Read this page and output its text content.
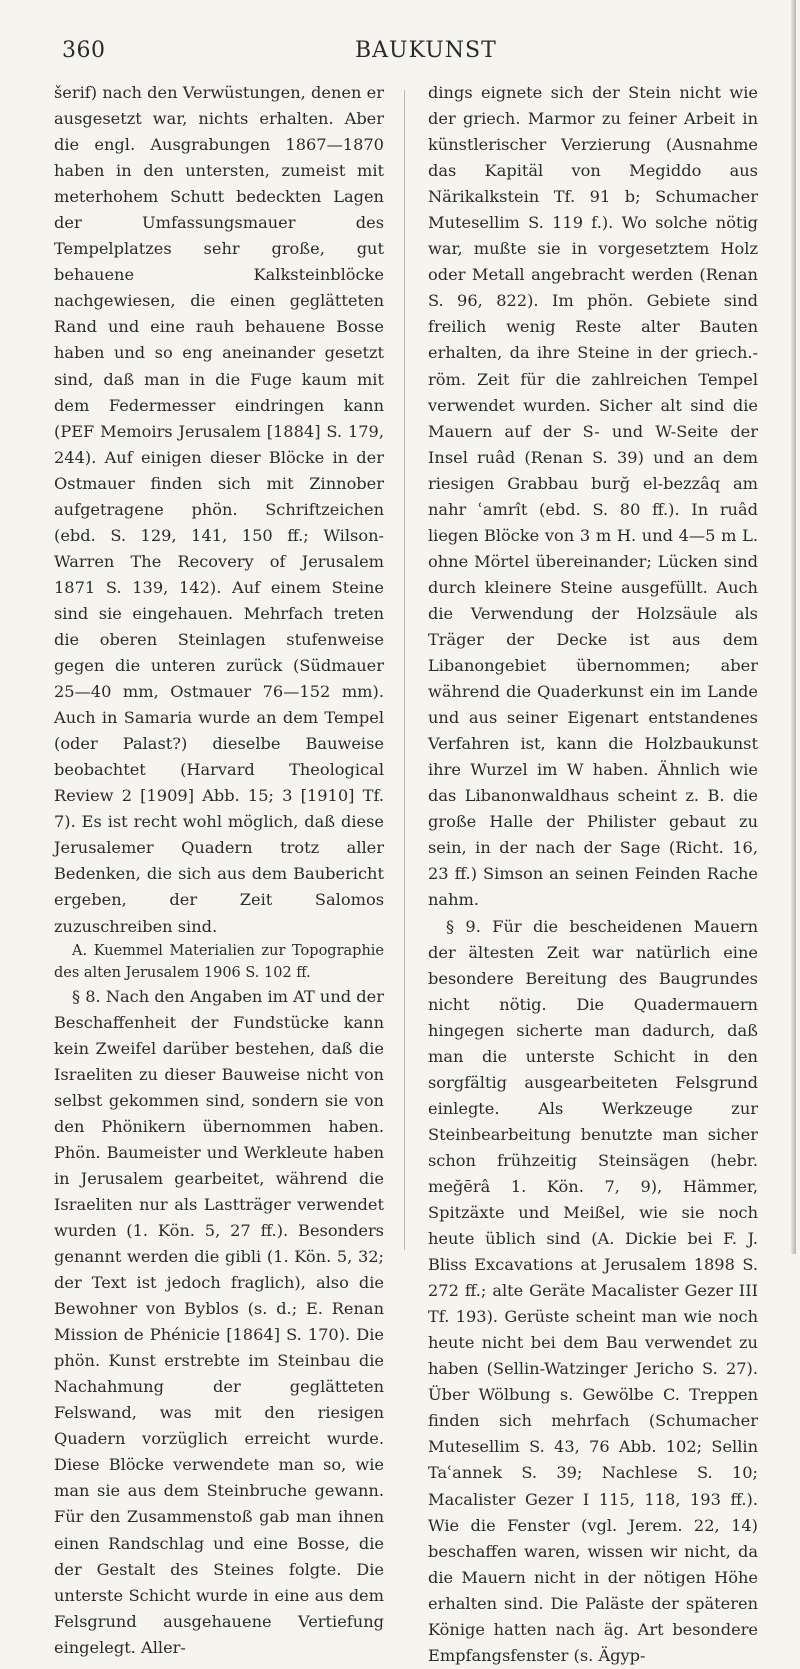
360	BAUKUNST

šerif) nach den Verwüstungen, denen er ausgesetzt war, nichts erhalten. Aber die engl. Ausgrabungen 1867—1870 haben in den untersten, zumeist mit meterhohem Schutt bedeckten Lagen der Umfassungsmauer des Tempelplatzes sehr große, gut behauene Kalksteinblöcke nachgewiesen, die einen geglätteten Rand und eine rauh behauene Bosse haben und so eng aneinander gesetzt sind, daß man in die Fuge kaum mit dem Federmesser eindringen kann (PEF Memoirs Jerusalem [1884] S. 179, 244). Auf einigen dieser Blöcke in der Ostmauer finden sich mit Zinnober aufgetragene phön. Schriftzeichen (ebd. S. 129, 141, 150 ff.; Wilson-Warren The Recovery of Jerusalem 1871 S. 139, 142). Auf einem Steine sind sie eingehauen. Mehrfach treten die oberen Steinlagen stufenweise gegen die unteren zurück (Südmauer 25—40 mm, Ostmauer 76—152 mm). Auch in Samaria wurde an dem Tempel (oder Palast?) dieselbe Bauweise beobachtet (Harvard Theological Review 2 [1909] Abb. 15; 3 [1910] Tf. 7). Es ist recht wohl möglich, daß diese Jerusalemer Quadern trotz aller Bedenken, die sich aus dem Baubericht ergeben, der Zeit Salomos zuzuschreiben sind.

A. Kuemmel Materialien zur Topographie des alten Jerusalem 1906 S. 102 ff.

§ 8. Nach den Angaben im AT und der Beschaffenheit der Fundstücke kann kein Zweifel darüber bestehen, daß die Israeliten zu dieser Bauweise nicht von selbst gekommen sind, sondern sie von den Phönikern übernommen haben. Phön. Baumeister und Werkleute haben in Jerusalem gearbeitet, während die Israeliten nur als Lastträger verwendet wurden (1. Kön. 5, 27 ff.). Besonders genannt werden die gibli (1. Kön. 5, 32; der Text ist jedoch fraglich), also die Bewohner von Byblos (s. d.; E. Renan Mission de Phénicie [1864] S. 170). Die phön. Kunst erstrebte im Steinbau die Nachahmung der geglätteten Felswand, was mit den riesigen Quadern vorzüglich erreicht wurde. Diese Blöcke verwendete man so, wie man sie aus dem Steinbruche gewann. Für den Zusammenstoß gab man ihnen einen Randschlag und eine Bosse, die der Gestalt des Steines folgte. Die unterste Schicht wurde in eine aus dem Felsgrund ausgehauene Vertiefung eingelegt. Aller-

dings eignete sich der Stein nicht wie der griech. Marmor zu feiner Arbeit in künstlerischer Verzierung (Ausnahme das Kapitäl von Megiddo aus Närikalkstein Tf. 91 b; Schumacher Mutesellim S. 119 f.). Wo solche nötig war, mußte sie in vorgesetztem Holz oder Metall angebracht werden (Renan S. 96, 822). Im phön. Gebiete sind freilich wenig Reste alter Bauten erhalten, da ihre Steine in der griech.-röm. Zeit für die zahlreichen Tempel verwendet wurden. Sicher alt sind die Mauern auf der S- und W-Seite der Insel ruâd (Renan S. 39) und an dem riesigen Grabbau burğ el-bezzâq am nahr ʿamrît (ebd. S. 80 ff.). In ruâd liegen Blöcke von 3 m H. und 4—5 m L. ohne Mörtel übereinander; Lücken sind durch kleinere Steine ausgefüllt. Auch die Verwendung der Holzsäule als Träger der Decke ist aus dem Libanongebiet übernommen; aber während die Quaderkunst ein im Lande und aus seiner Eigenart entstandenes Verfahren ist, kann die Holzbaukunst ihre Wurzel im W haben. Ähnlich wie das Libanonwaldhaus scheint z. B. die große Halle der Philister gebaut zu sein, in der nach der Sage (Richt. 16, 23 ff.) Simson an seinen Feinden Rache nahm.

§ 9. Für die bescheidenen Mauern der ältesten Zeit war natürlich eine besondere Bereitung des Baugrundes nicht nötig. Die Quadermauern hingegen sicherte man dadurch, daß man die unterste Schicht in den sorgfältig ausgearbeiteten Felsgrund einlegte. Als Werkzeuge zur Steinbearbeitung benutzte man sicher schon frühzeitig Steinsägen (hebr. meğērâ 1. Kön. 7, 9), Hämmer, Spitzäxte und Meißel, wie sie noch heute üblich sind (A. Dickie bei F. J. Bliss Excavations at Jerusalem 1898 S. 272 ff.; alte Geräte Macalister Gezer III Tf. 193). Gerüste scheint man wie noch heute nicht bei dem Bau verwendet zu haben (Sellin-Watzinger Jericho S. 27). Über Wölbung s. Gewölbe C. Treppen finden sich mehrfach (Schumacher Mutesellim S. 43, 76 Abb. 102; Sellin Taʿannek S. 39; Nachlese S. 10; Macalister Gezer I 115, 118, 193 ff.). Wie die Fenster (vgl. Jerem. 22, 14) beschaffen waren, wissen wir nicht, da die Mauern nicht in der nötigen Höhe erhalten sind. Die Paläste der späteren Könige hatten nach äg. Art besondere Empfangsfenster (s. Ägyp-
